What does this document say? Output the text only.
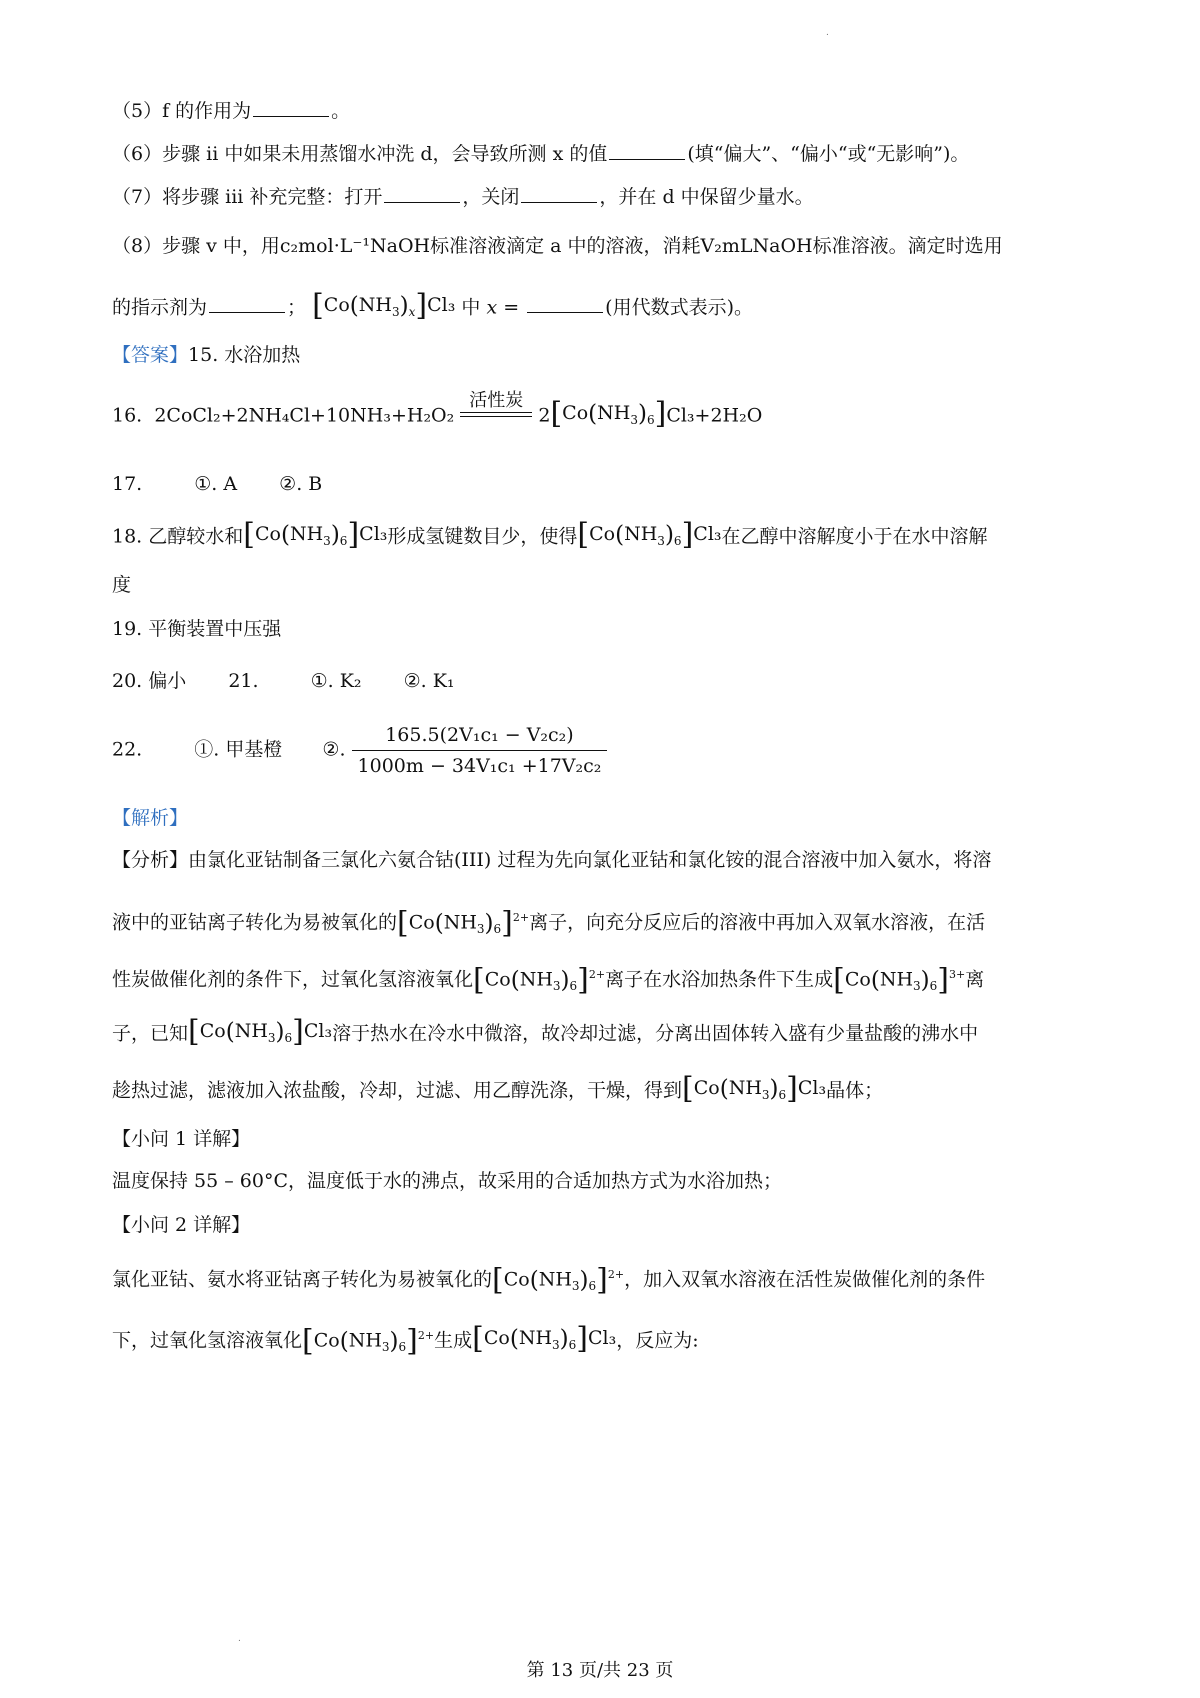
（5）f 的作用为	。
（6）步骤 ii 中如果未用蒸馏水冲洗 d，会导致所测 x 的值	(填“偏大”、“偏小“或“无影响”)。
（7）将步骤 iii 补充完整：打开	，关闭	，并在 d 中保留少量水。
（8）步骤 v 中，用c₂mol·L⁻¹NaOH标准溶液滴定 a 中的溶液，消耗V₂mLNaOH标准溶液。滴定时选用
的指示剂为	； $[Co(NH_3)_x]Cl_3$ 中 x =	(用代数式表示)。
【答案】15. 水浴加热
16. 2CoCl₂+2NH₄Cl+10NH₃+H₂O₂
活性炭
$2[Co(NH_3)_6]Cl_3+2H_2O$
17.	①. A ②. B
18. 乙醇较水和$[Co(NH_3)_6]Cl_3$形成氢键数目少，使得$[Co(NH_3)_6]Cl_3$在乙醇中溶解度小于在水中溶解
度
19. 平衡装置中压强
20. 偏小 21.	①. K₂ ②. K₁
22.	①. 甲基橙 ②. $\frac{\text{165.5(2V₁c₁ − V₂c₂)}}{\text{1000m − 34V₁c₁ +17V₂c₂}}$
【解析】
【分析】由氯化亚钴制备三氯化六氨合钴(III) 过程为先向氯化亚钴和氯化铵的混合溶液中加入氨水，将溶
液中的亚钴离子转化为易被氧化的$[Co(NH_3)_6]^{2+}$离子，向充分反应后的溶液中再加入双氧水溶液，在活
性炭做催化剂的条件下，过氧化氢溶液氧化$[Co(NH_3)_6]^{2+}$离子在水浴加热条件下生成$[Co(NH_3)_6]^{3+}$离
子，已知$[Co(NH_3)_6]Cl_3$溶于热水在冷水中微溶，故冷却过滤，分离出固体转入盛有少量盐酸的沸水中
趁热过滤，滤液加入浓盐酸，冷却，过滤、用乙醇洗涤，干燥，得到$[Co(NH_3)_6]Cl_3$晶体；
【小问 1 详解】
温度保持 55 – 60°C，温度低于水的沸点，故采用的合适加热方式为水浴加热；
【小问 2 详解】
氯化亚钴、氨水将亚钴离子转化为易被氧化的$[Co(NH_3)_6]^{2+}$，加入双氧水溶液在活性炭做催化剂的条件
下，过氧化氢溶液氧化$[Co(NH_3)_6]^{2+}$生成$[Co(NH_3)_6]Cl_3$，反应为:
第 13 页/共 23 页
.
.
